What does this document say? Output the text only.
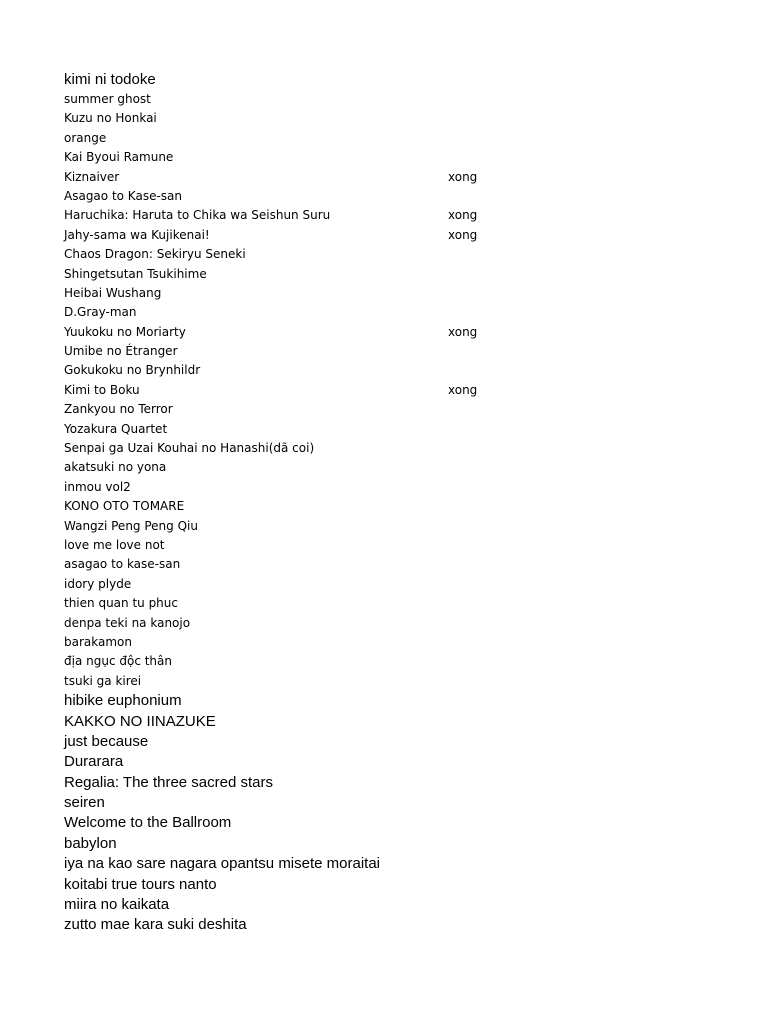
kimi ni todoke
summer ghost
Kuzu no Honkai
orange
Kai Byoui Ramune
Kiznaiver	xong
Asagao to Kase-san
Haruchika: Haruta to Chika wa Seishun Suru	xong
Jahy-sama wa Kujikenai!	xong
Chaos Dragon: Sekiryu Seneki
Shingetsutan Tsukihime
Heibai Wushang
D.Gray-man
Yuukoku no Moriarty	xong
Umibe no Étranger
Gokukoku no Brynhildr
Kimi to Boku	xong
Zankyou no Terror
Yozakura Quartet
Senpai ga Uzai Kouhai no Hanashi(dã coi)
akatsuki no yona
inmou vol2
KONO OTO TOMARE
Wangzi Peng Peng Qiu
love me love not
asagao to kase-san
idory plyde
thien quan tu phuc
denpa teki na kanojo
barakamon
địa ngục độc thân
tsuki ga kirei
hibike euphonium
KAKKO NO IINAZUKE
just because
Durarara
Regalia: The three sacred stars
seiren
Welcome to the Ballroom
babylon
iya na kao sare nagara opantsu misete moraitai
koitabi true tours nanto
miira no kaikata
zutto mae kara suki deshita
